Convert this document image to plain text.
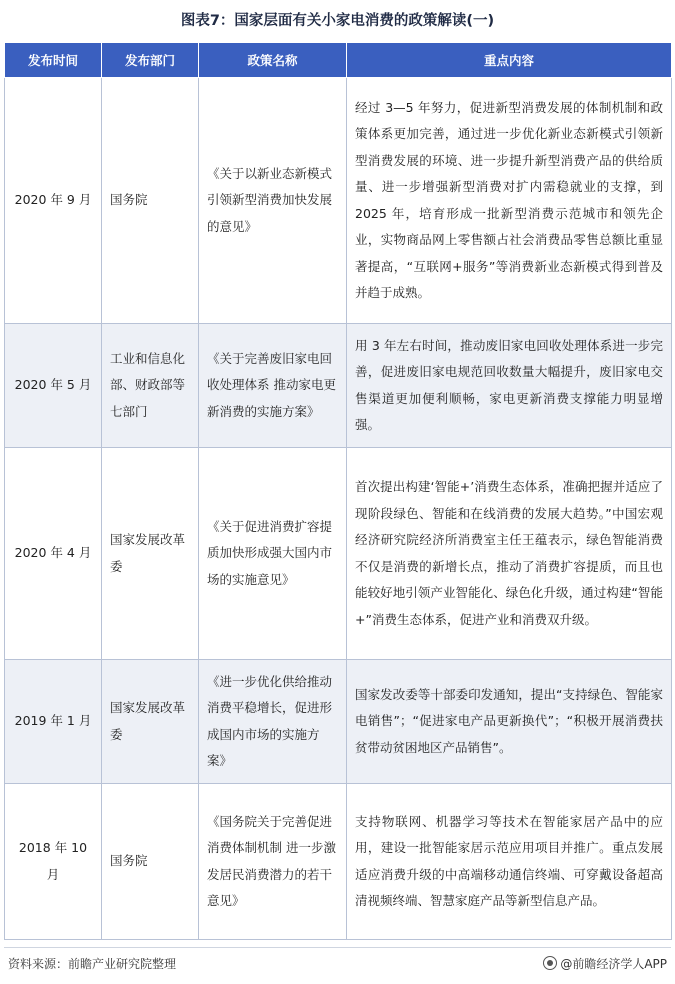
图表7：国家层面有关小家电消费的政策解读(一)
发布时间	发布部门	政策名称	重点内容
2020 年 9 月	国务院	《关于以新业态新模式引领新型消费加快发展的意见》	经过 3—5 年努力，促进新型消费发展的体制机制和政策体系更加完善，通过进一步优化新业态新模式引领新型消费发展的环境、进一步提升新型消费产品的供给质量、进一步增强新型消费对扩内需稳就业的支撑，到 2025 年，培育形成一批新型消费示范城市和领先企业，实物商品网上零售额占社会消费品零售总额比重显著提高，“互联网+服务”等消费新业态新模式得到普及并趋于成熟。
2020 年 5 月	工业和信息化部、财政部等七部门	《关于完善废旧家电回收处理体系 推动家电更新消费的实施方案》	用 3 年左右时间，推动废旧家电回收处理体系进一步完善，促进废旧家电规范回收数量大幅提升，废旧家电交售渠道更加便利顺畅，家电更新消费支撑能力明显增强。
2020 年 4 月	国家发展改革委	《关于促进消费扩容提质加快形成强大国内市场的实施意见》	首次提出构建‘智能+’消费生态体系，准确把握并适应了现阶段绿色、智能和在线消费的发展大趋势。”中国宏观经济研究院经济所消费室主任王蕴表示，绿色智能消费不仅是消费的新增长点，推动了消费扩容提质，而且也能较好地引领产业智能化、绿色化升级，通过构建“智能+”消费生态体系，促进产业和消费双升级。
2019 年 1 月	国家发展改革委	《进一步优化供给推动消费平稳增长，促进形成国内市场的实施方案》	国家发改委等十部委印发通知，提出“支持绿色、智能家电销售”；“促进家电产品更新换代”；“积极开展消费扶贫带动贫困地区产品销售”。
2018 年 10 月	国务院	《国务院关于完善促进消费体制机制 进一步激发居民消费潜力的若干意见》	支持物联网、机器学习等技术在智能家居产品中的应用，建设一批智能家居示范应用项目并推广。重点发展适应消费升级的中高端移动通信终端、可穿戴设备超高清视频终端、智慧家庭产品等新型信息产品。
资料来源：前瞻产业研究院整理	@前瞻经济学人APP
